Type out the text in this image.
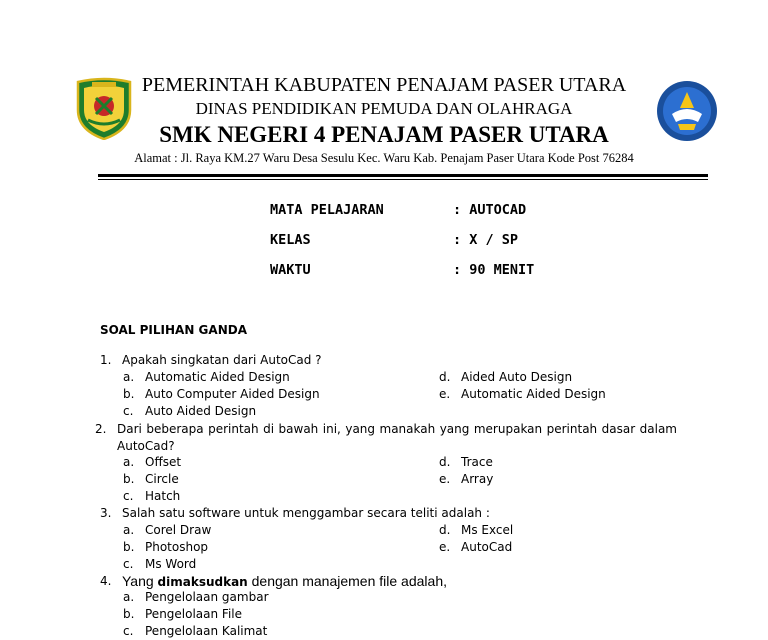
PEMERINTAH KABUPATEN PENAJAM PASER UTARA
DINAS PENDIDIKAN PEMUDA DAN OLAHRAGA
SMK NEGERI 4 PENAJAM PASER UTARA
Alamat : Jl. Raya KM.27 Waru Desa Sesulu Kec. Waru Kab. Penajam Paser Utara Kode Post 76284
MATA PELAJARAN	: AUTOCAD
KELAS	: X / SP
WAKTU	: 90 MENIT
SOAL PILIHAN GANDA
1. Apakah singkatan dari AutoCad ?
a. Automatic Aided Design
b. Auto Computer Aided Design
c. Auto Aided Design
d. Aided Auto Design
e. Automatic Aided Design
2. Dari beberapa perintah di bawah ini, yang manakah yang merupakan perintah dasar dalam
AutoCad?
a. Offset
b. Circle
c. Hatch
d. Trace
e. Array
3. Salah satu software untuk menggambar secara teliti adalah :
a. Corel Draw
b. Photoshop
c. Ms Word
d. Ms Excel
e. AutoCad
4. Yang dimaksudkan dengan manajemen file adalah,
a. Pengelolaan gambar
b. Pengelolaan File
c. Pengelolaan Kalimat
